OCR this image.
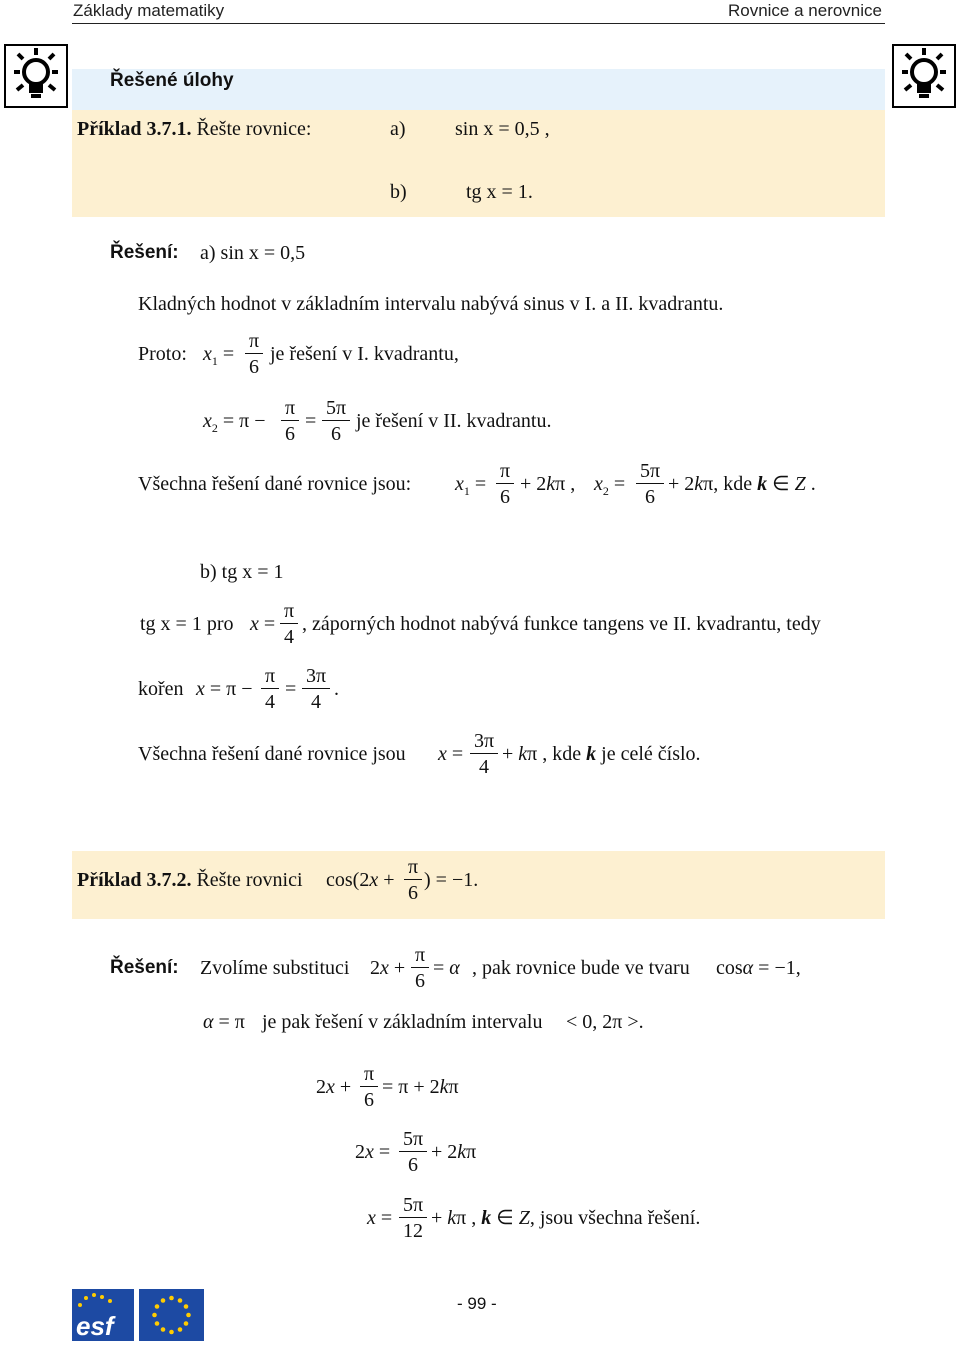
Základy matematiky	Rovnice a nerovnice
Řešené úlohy
Příklad 3.7.1. Řešte rovnice:	a) sin x = 0,5 ,
b)	tg x = 1.
Řešení: a) sin x = 0,5
Kladných hodnot v základním intervalu nabývá sinus v I. a II. kvadrantu.
Proto: $x_1$ =
π
6
je řešení v I. kvadrantu,
$x_2 = \pi$ −
π
6
=
5π
6
je řešení v II. kvadrantu.
Všechna řešení dané rovnice jsou: $x_1$ =
π
6
+ 2kπ , $x_2$ =
5π
6
+ 2kπ, kde k ∈ Z .
b) tg x = 1
tg x = 1 pro x =
π
4
, záporných hodnot nabývá funkce tangens ve II. kvadrantu, tedy
kořen x = π −
π
4
=
3π
4
.
Všechna řešení dané rovnice jsou x =
3π
4
+ kπ , kde k je celé číslo.
Příklad 3.7.2. Řešte rovnici cos(2x +
π
6
) = −1.
Řešení: Zvolíme substituci 2x +
π
6
= α , pak rovnice bude ve tvaru cosα = −1,
α = π je pak řešení v základním intervalu < 0, 2π >.
2x +
π
6
= π + 2kπ
2x =
5π
6
+ 2kπ
x =
5π
12
+ kπ , k ∈ Z, jsou všechna řešení.
- 99 -
esf
